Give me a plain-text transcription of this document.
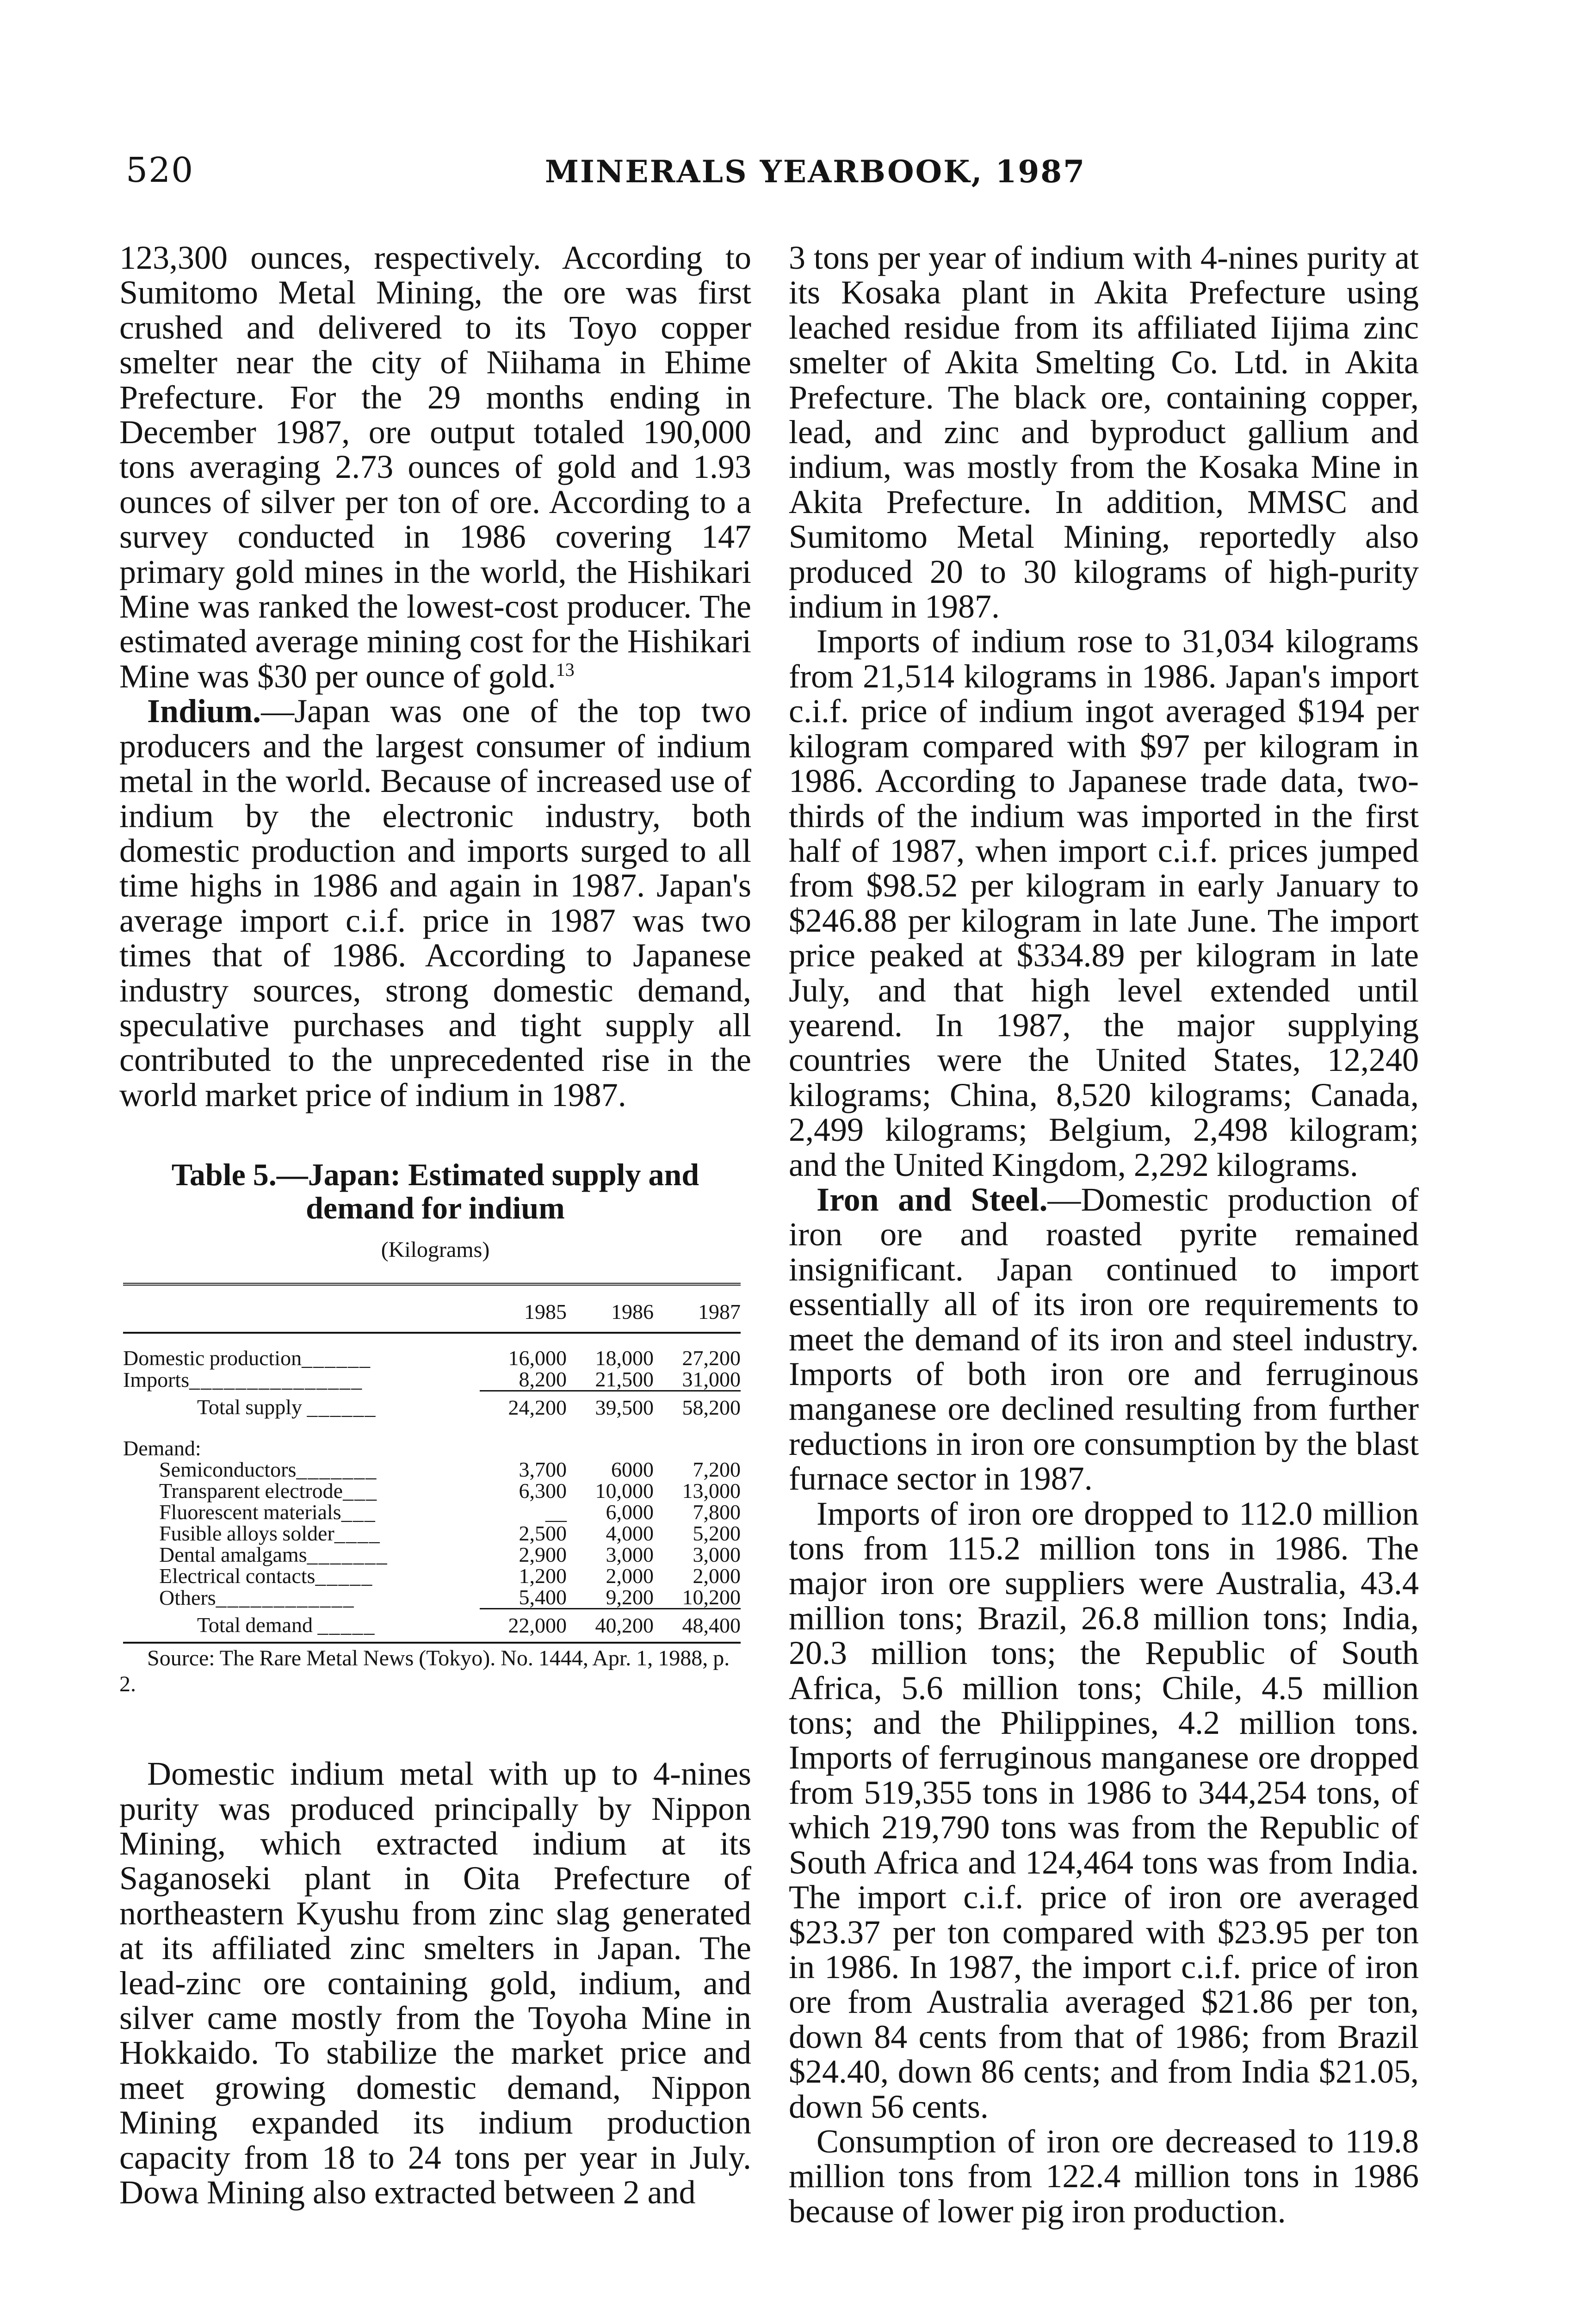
520	MINERALS YEARBOOK, 1987

123,300 ounces, respectively. According to Sumitomo Metal Mining, the ore was first crushed and delivered to its Toyo copper smelter near the city of Niihama in Ehime Prefecture. For the 29 months ending in December 1987, ore output totaled 190,000 tons averaging 2.73 ounces of gold and 1.93 ounces of silver per ton of ore. According to a survey conducted in 1986 covering 147 primary gold mines in the world, the Hishikari Mine was ranked the lowest-cost producer. The estimated average mining cost for the Hishikari Mine was $30 per ounce of gold.$^{13}$

Indium.—Japan was one of the top two producers and the largest consumer of indium metal in the world. Because of increased use of indium by the electronic industry, both domestic production and imports surged to all time highs in 1986 and again in 1987. Japan's average import c.i.f. price in 1987 was two times that of 1986. According to Japanese industry sources, strong domestic demand, speculative purchases and tight supply all contributed to the unprecedented rise in the world market price of indium in 1987.

Table 5.—Japan: Estimated supply and
demand for indium
(Kilograms)

	1985	1986	1987

Domestic production______	16,000	18,000	27,200
Imports_______________	8,200	21,500	31,000
Total supply ______	24,200	39,500	58,200

Demand:			
Semiconductors_______	3,700	6000	7,200
Transparent electrode___	6,300	10,000	13,000
Fluorescent materials___	__	6,000	7,800
Fusible alloys solder____	2,500	4,000	5,200
Dental amalgams_______	2,900	3,000	3,000
Electrical contacts_____	1,200	2,000	2,000
Others____________	5,400	9,200	10,200
Total demand _____	22,000	40,200	48,400

Source: The Rare Metal News (Tokyo). No. 1444, Apr. 1, 1988, p. 2.

Domestic indium metal with up to 4-nines purity was produced principally by Nippon Mining, which extracted indium at its Saganoseki plant in Oita Prefecture of northeastern Kyushu from zinc slag generated at its affiliated zinc smelters in Japan. The lead-zinc ore containing gold, indium, and silver came mostly from the Toyoha Mine in Hokkaido. To stabilize the market price and meet growing domestic demand, Nippon Mining expanded its indium production capacity from 18 to 24 tons per year in July. Dowa Mining also extracted between 2 and

3 tons per year of indium with 4-nines purity at its Kosaka plant in Akita Prefecture using leached residue from its affiliated Iijima zinc smelter of Akita Smelting Co. Ltd. in Akita Prefecture. The black ore, containing copper, lead, and zinc and byproduct gallium and indium, was mostly from the Kosaka Mine in Akita Prefecture. In addition, MMSC and Sumitomo Metal Mining, reportedly also produced 20 to 30 kilograms of high-purity indium in 1987.

Imports of indium rose to 31,034 kilograms from 21,514 kilograms in 1986. Japan's import c.i.f. price of indium ingot averaged $194 per kilogram compared with $97 per kilogram in 1986. According to Japanese trade data, two-thirds of the indium was imported in the first half of 1987, when import c.i.f. prices jumped from $98.52 per kilogram in early January to $246.88 per kilogram in late June. The import price peaked at $334.89 per kilogram in late July, and that high level extended until yearend. In 1987, the major supplying countries were the United States, 12,240 kilograms; China, 8,520 kilograms; Canada, 2,499 kilograms; Belgium, 2,498 kilogram; and the United Kingdom, 2,292 kilograms.

Iron and Steel.—Domestic production of iron ore and roasted pyrite remained insignificant. Japan continued to import essentially all of its iron ore requirements to meet the demand of its iron and steel industry. Imports of both iron ore and ferruginous manganese ore declined resulting from further reductions in iron ore consumption by the blast furnace sector in 1987.

Imports of iron ore dropped to 112.0 million tons from 115.2 million tons in 1986. The major iron ore suppliers were Australia, 43.4 million tons; Brazil, 26.8 million tons; India, 20.3 million tons; the Republic of South Africa, 5.6 million tons; Chile, 4.5 million tons; and the Philippines, 4.2 million tons. Imports of ferruginous manganese ore dropped from 519,355 tons in 1986 to 344,254 tons, of which 219,790 tons was from the Republic of South Africa and 124,464 tons was from India. The import c.i.f. price of iron ore averaged $23.37 per ton compared with $23.95 per ton in 1986. In 1987, the import c.i.f. price of iron ore from Australia averaged $21.86 per ton, down 84 cents from that of 1986; from Brazil $24.40, down 86 cents; and from India $21.05, down 56 cents.

Consumption of iron ore decreased to 119.8 million tons from 122.4 million tons in 1986 because of lower pig iron production.
